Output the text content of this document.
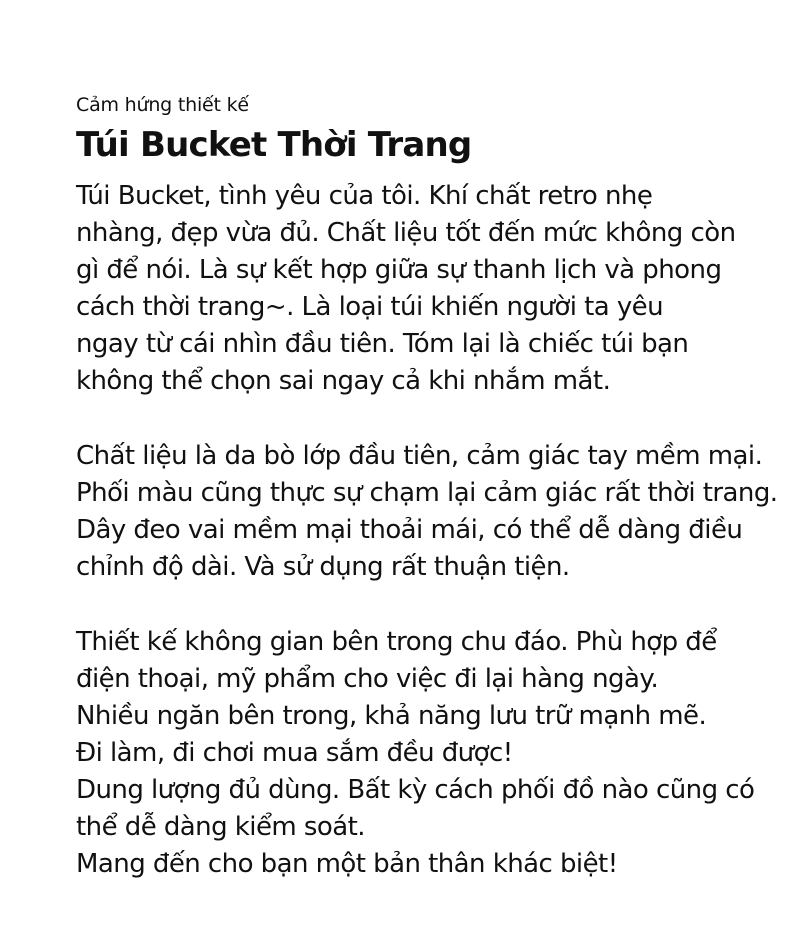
Cảm hứng thiết kế
Túi Bucket Thời Trang
Túi Bucket, tình yêu của tôi. Khí chất retro nhẹ
nhàng, đẹp vừa đủ. Chất liệu tốt đến mức không còn
gì để nói. Là sự kết hợp giữa sự thanh lịch và phong
cách thời trang~. Là loại túi khiến người ta yêu
ngay từ cái nhìn đầu tiên. Tóm lại là chiếc túi bạn
không thể chọn sai ngay cả khi nhắm mắt.
Chất liệu là da bò lớp đầu tiên, cảm giác tay mềm mại.
Phối màu cũng thực sự chạm lại cảm giác rất thời trang.
Dây đeo vai mềm mại thoải mái, có thể dễ dàng điều
chỉnh độ dài. Và sử dụng rất thuận tiện.
Thiết kế không gian bên trong chu đáo. Phù hợp để
điện thoại, mỹ phẩm cho việc đi lại hàng ngày.
Nhiều ngăn bên trong, khả năng lưu trữ mạnh mẽ.
Đi làm, đi chơi mua sắm đều được!
Dung lượng đủ dùng. Bất kỳ cách phối đồ nào cũng có
thể dễ dàng kiểm soát.
Mang đến cho bạn một bản thân khác biệt!
